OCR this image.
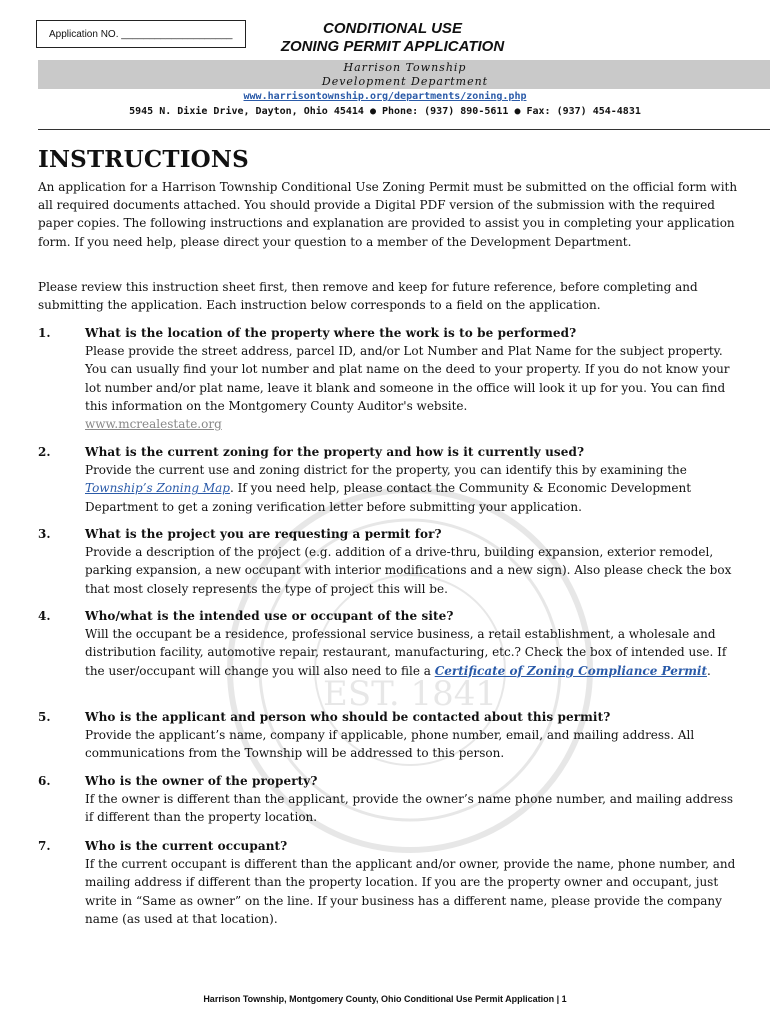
EST. 1841
Application NO. ____________________	CONDITIONAL USE
ZONING PERMIT APPLICATION
Harrison Township
Development Department
www.harrisontownship.org/departments/zoning.php
5945 N. Dixie Drive, Dayton, Ohio 45414 ● Phone: (937) 890-5611 ● Fax: (937) 454-4831
INSTRUCTIONS
An application for a Harrison Township Conditional Use Zoning Permit must be submitted on the official form with all required documents attached. You should provide a Digital PDF version of the submission with the required paper copies. The following instructions and explanation are provided to assist you in completing your application form. If you need help, please direct your question to a member of the Development Department.
Please review this instruction sheet first, then remove and keep for future reference, before completing and submitting the application. Each instruction below corresponds to a field on the application.
1.	What is the location of the property where the work is to be performed?
Please provide the street address, parcel ID, and/or Lot Number and Plat Name for the subject property. You can usually find your lot number and plat name on the deed to your property. If you do not know your lot number and/or plat name, leave it blank and someone in the office will look it up for you. You can find this information on the Montgomery County Auditor's website.
www.mcrealestate.org
2.	What is the current zoning for the property and how is it currently used?
Provide the current use and zoning district for the property, you can identify this by examining the Township’s Zoning Map. If you need help, please contact the Community & Economic Development Department to get a zoning verification letter before submitting your application.
3.	What is the project you are requesting a permit for?
Provide a description of the project (e.g. addition of a drive-thru, building expansion, exterior remodel, parking expansion, a new occupant with interior modifications and a new sign). Also please check the box that most closely represents the type of project this will be.
4.	Who/what is the intended use or occupant of the site?
Will the occupant be a residence, professional service business, a retail establishment, a wholesale and distribution facility, automotive repair, restaurant, manufacturing, etc.? Check the box of intended use. If the user/occupant will change you will also need to file a Certificate of Zoning Compliance Permit.
5.	Who is the applicant and person who should be contacted about this permit?
Provide the applicant’s name, company if applicable, phone number, email, and mailing address. All communications from the Township will be addressed to this person.
6.	Who is the owner of the property?
If the owner is different than the applicant, provide the owner’s name phone number, and mailing address if different than the property location.
7.	Who is the current occupant?
If the current occupant is different than the applicant and/or owner, provide the name, phone number, and mailing address if different than the property location. If you are the property owner and occupant, just write in “Same as owner” on the line. If your business has a different name, please provide the company name (as used at that location).
Harrison Township, Montgomery County, Ohio Conditional Use Permit Application | 1
